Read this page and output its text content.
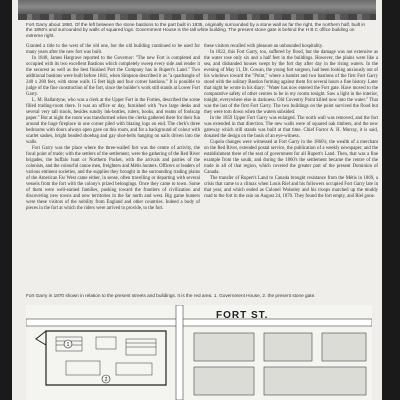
Fort Garry about 1880. Of the left between the stone bastions to the part built in 1835, originally surrounded by a stone wall as far the right, the northern half, built in the 1850's and surrounded by walls of squared logs. Government House is the tall white building. The present stone gate is behind the H B C office building on extreme right.

Granted a title to the west of the old one, but the old building continued to be used for many years after the new fort was built.

In 1848, James Hargrave reported to the Governor: "The new Fort is completed and occupied with its two excellent Bastions which completely sweep every side and render it the securest as well as the best finished Port the Company has in Rupert's Land." Two additional bastions were built before 1841, when Simpson described it as "a quadrangle of 240 x 280 feet, with stone walls 15 feet high and four corner bastions." It is possible to judge of the fine construction of the fort, since the builder's work still stands at Lower Fort Garry.

L. M. Ballantyne, who was a clerk at the Upper Fort in the Forties, described the scene filled trading-room there. It was an office or day, furnished with "two large desks and several very tall stools, besides sundry ink-bottles, rulers, books, and reams of foolscap paper." But at night the room was transformed when the clerks gathered there for their fun around the huge fireplace in one corner piled with blazing logs on end. The clerk's three bedrooms with doors always open gave on this room, and for a background of colour with scarlet sashes, bright beaded shoebag and gay shot-belts hanging on nails driven into the walls.

Fort Garry was the place where the three-walled fort was the centre of activity, the focal point of trade; with the settlers of the settlement, were the gathering of the Red River brigades, the buffalo hunt or Northern Packet, with the arrivals and parties of the colonists, and the colourful canoe men, freighters and Métis hunters. Officers or leaders of various eminent societies, and the supplies they brought in the surrounding trading plains of the American Far West came either, in sense, often travelling or departing with several vessels from the fort with the colony's prized belongings. Once they came to town. Some of them were well-earned families, pushing toward the frontiers of civilization and discovering new towns and new territories in the far north and west. Big game hunters were these visitors of the nobility from England and other countries. Indeed a body of pieces in the fort at which the riders were arrived to provide, to the fort.

these visitors recalled with pleasure an unbounded hospitality.

In 1822, this Fort Garry, too, suffered by flood, but the damage was not extensive as the water rose only six and a half feet in the buildings. However, the plains were like a sea, and disbanded houses swept by the fort day after day in the rising waters. In the evening of May 11, Dr. Cowan, the young fort surgeon, had been looking anxiously out of his windows toward the "Point," where a hamlet and two bastions of the first Fort Garry stood with the solitary Bastion forming against them for several hours a fine history. Later that night he wrote in his diary: "Water has now entered the Fort gate. Have moved to the comparative safety of other centres to be in my rooms tonight. Saw a light in the interior, tonight, everywhere else in darkness. Old Coventry Point killed now into the water." That was the last of the first Fort Garry. The two buildings on the point survived the flood but they were torn down when the waters subsided.

In the 1859 Upper Fort Garry was enlarged. The north wall was removed, and the fort was extended in that direction. The new walls were of squared oak timbers, and the new gateway which still stands was built at that time. Chief Factor A. H. Murray, it is said, donated the design on the basis of an eye-witness.

Cupola changes were witnessed at Fort Garry in the 1860's; the wealth of a merchant on the Red River, extended postal service, the publication of a weekly newspaper, and the establishment there of the seat of government for all Rupert's Land. Then, that was a fine example from the south, and during the 1860's the settlement became the centre of the trade in all of that region, which covered the greater part of the present Dominion of Canada.

The transfer of Rupert's Land to Canada brought resistance from the Métis in 1869, a crisis that came to a climax when Louis Riel and his followers occupied Fort Garry late in that year, and which ended as Colonel Wolseley and his troops marched up the muddy road to the fort in the rain on August 24, 1870. They found the fort empty, and Riel gone.

Fort Garry in 1870 shown in relation to the present streets and buildings. It is the red area. 1. Government House, 2. the present stone gate.
1
2
FORT ST.
